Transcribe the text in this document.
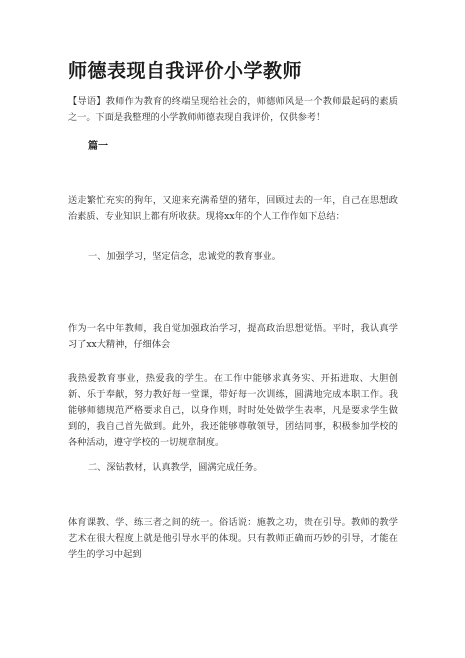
师德表现自我评价小学教师
【导语】教师作为教育的终端呈现给社会的，师德师风是一个教师最起码的素质之一。下面是我整理的小学教师师德表现自我评价，仅供参考！
篇一
送走繁忙充实的狗年，又迎来充满希望的猪年，回顾过去的一年，自己在思想政治素质、专业知识上都有所收获。现将xx年的个人工作作如下总结：
一、加强学习，坚定信念，忠诚党的教育事业。
作为一名中年教师，我自觉加强政治学习，提高政治思想觉悟。平时，我认真学习了xx大精神，仔细体会
我热爱教育事业，热爱我的学生。在工作中能够求真务实、开拓进取、大胆创新、乐于奉献，努力教好每一堂课，带好每一次训练，圆满地完成本职工作。我能够师德规范严格要求自己，以身作则，时时处处做学生表率，凡是要求学生做到的，我自己首先做到。此外，我还能够尊敬领导，团结同事，积极参加学校的各种活动，遵守学校的一切规章制度。
二、深钻教材，认真教学，圆满完成任务。
体育课教、学、练三者之间的统一。俗话说：施教之功，贵在引导。教师的教学艺术在很大程度上就是他引导水平的体现。只有教师正确而巧妙的引导，才能在学生的学习中起到
